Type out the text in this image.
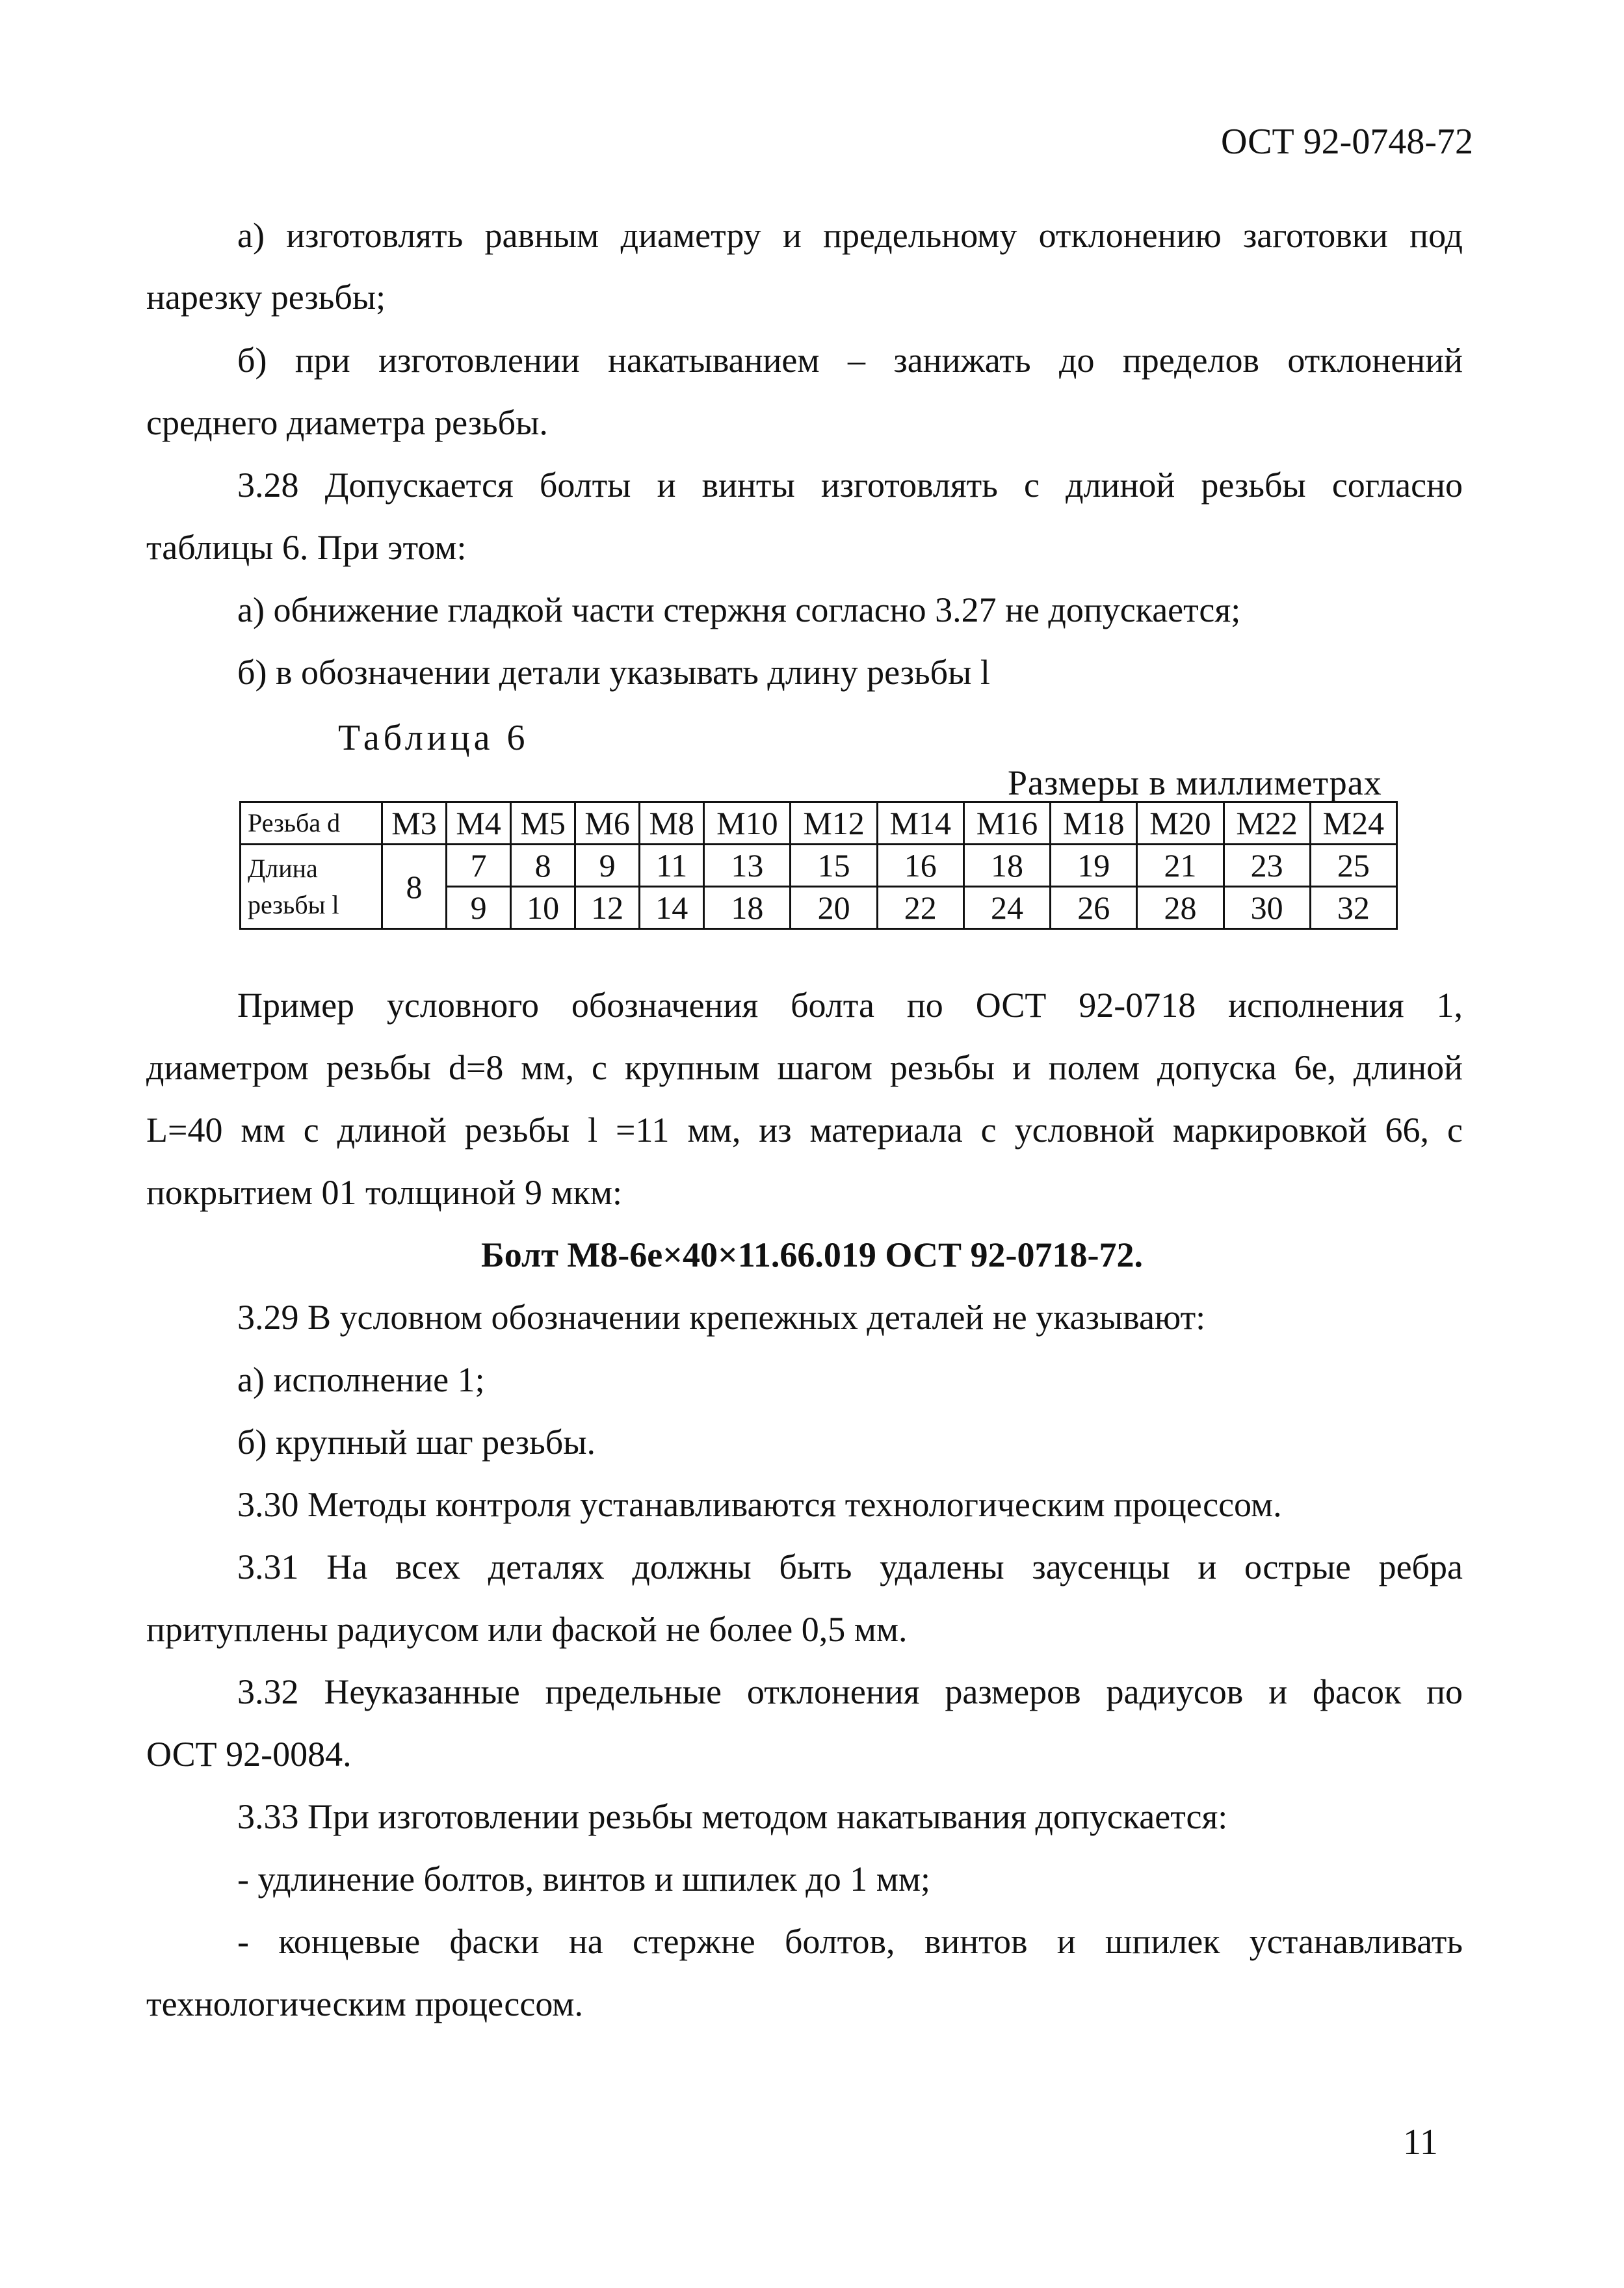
ОСТ 92-0748-72
а) изготовлять равным диаметру и предельному отклонению заготовки под
нарезку резьбы;
б) при изготовлении накатыванием – занижать до пределов отклонений
среднего диаметра резьбы.
3.28 Допускается болты и винты изготовлять с длиной резьбы согласно
таблицы 6. При этом:
а) обнижение гладкой части стержня согласно 3.27 не допускается;
б) в обозначении детали указывать длину резьбы l
Таблица 6
Размеры в миллиметрах
Резьба d	М3	М4	М5	М6	М8	М10	М12	М14	М16	М18	М20	М22	М24
Длина
резьбы l	8	7	8	9	11	13	15	16	18	19	21	23	25
		9	10	12	14	18	20	22	24	26	28	30	32
Пример условного обозначения болта по ОСТ 92-0718 исполнения 1,
диаметром резьбы d=8 мм, с крупным шагом резьбы и полем допуска 6е, длиной
L=40 мм с длиной резьбы l =11 мм, из материала с условной маркировкой 66, с
покрытием 01 толщиной 9 мкм:
Болт М8-6е×40×11.66.019 ОСТ 92-0718-72.
3.29 В условном обозначении крепежных деталей не указывают:
а) исполнение 1;
б) крупный шаг резьбы.
3.30 Методы контроля устанавливаются технологическим процессом.
3.31 На всех деталях должны быть удалены заусенцы и острые ребра
притуплены радиусом или фаской не более 0,5 мм.
3.32 Неуказанные предельные отклонения размеров радиусов и фасок по
ОСТ 92-0084.
3.33 При изготовлении резьбы методом накатывания допускается:
- удлинение болтов, винтов и шпилек до 1 мм;
- концевые фаски на стержне болтов, винтов и шпилек устанавливать
технологическим процессом.
11
